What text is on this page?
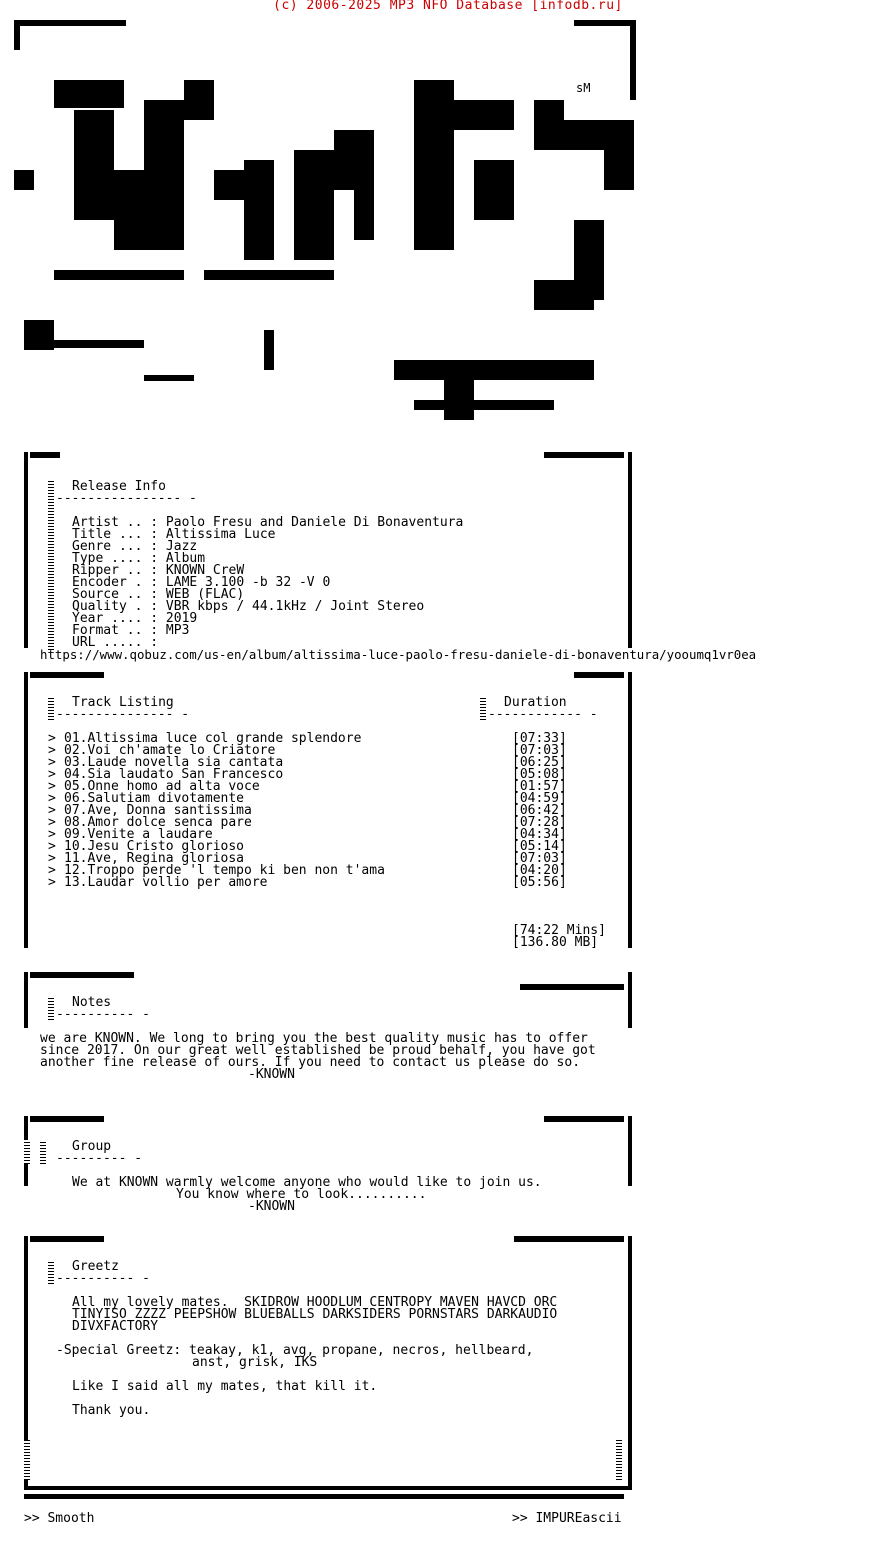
(c) 2006-2025 MP3 NFO Database [infodb.ru]
sM
Release Info
---------------- -
Artist .. : Paolo Fresu and Daniele Di Bonaventura
Title ... : Altissima Luce
Genre ... : Jazz
Type .... : Album
Ripper .. : KNOWN CreW
Encoder . : LAME 3.100 -b 32 -V 0
Source .. : WEB (FLAC)
Quality . : VBR kbps / 44.1kHz / Joint Stereo
Year .... : 2019
Format .. : MP3
URL ..... :
https://www.qobuz.com/us-en/album/altissima-luce-paolo-fresu-daniele-di-bonaventura/yooumq1vr0ea
Track Listing	Duration
--------------- -	------------ -
> 01.Altissima luce col grande splendore	[07:33]
> 02.Voi ch'amate lo Criatore	[07:03]
> 03.Laude novella sia cantata	[06:25]
> 04.Sia laudato San Francesco	[05:08]
> 05.Onne homo ad alta voce	[01:57]
> 06.Salutiam divotamente	[04:59]
> 07.Ave, Donna santissima	[06:42]
> 08.Amor dolce senca pare	[07:28]
> 09.Venite a laudare	[04:34]
> 10.Jesu Cristo glorioso	[05:14]
> 11.Ave, Regina gloriosa	[07:03]
> 12.Troppo perde 'l tempo ki ben non t'ama	[04:20]
> 13.Laudar vollio per amore	[05:56]
[74:22 Mins]
[136.80 MB]
Notes
---------- -
we are KNOWN. We long to bring you the best quality music has to offer
since 2017. On our great well established be proud behalf, you have got
another fine release of ours. If you need to contact us please do so.
-KNOWN
Group
--------- -
We at KNOWN warmly welcome anyone who would like to join us.
You know where to look..........
-KNOWN
Greetz
---------- -
All my lovely mates.  SKIDROW HOODLUM CENTROPY MAVEN HAVCD ORC
TINYISO ZZZZ PEEPSHOW BLUEBALLS DARKSIDERS PORNSTARS DARKAUDIO
DIVXFACTORY
-Special Greetz: teakay, k1, avg, propane, necros, hellbeard,
anst, grisk, IKS
Like I said all my mates, that kill it.
Thank you.
>> Smooth	>> IMPUREascii
